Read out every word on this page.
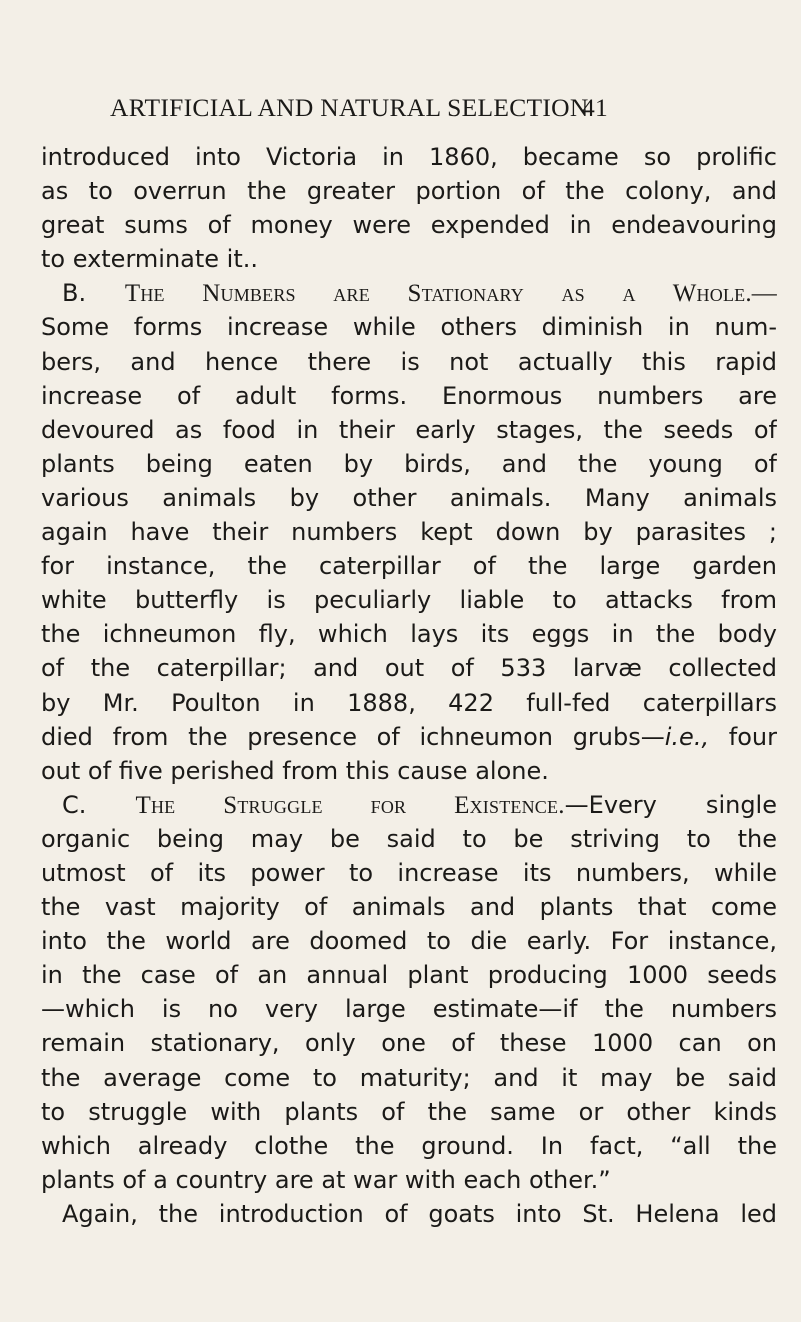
ARTIFICIAL AND NATURAL SELECTION
41
introduced into Victoria in 1860, became so prolific
as to overrun the greater portion of the colony, and
great sums of money were expended in endeavouring
to exterminate it..
B. The Numbers are Stationary as a Whole.—
Some forms increase while others diminish in num-
bers, and hence there is not actually this rapid
increase of adult forms. Enormous numbers are
devoured as food in their early stages, the seeds of
plants being eaten by birds, and the young of
various animals by other animals. Many animals
again have their numbers kept down by parasites ;
for instance, the caterpillar of the large garden
white butterfly is peculiarly liable to attacks from
the ichneumon fly, which lays its eggs in the body
of the caterpillar; and out of 533 larvæ collected
by Mr. Poulton in 1888, 422 full-fed caterpillars
died from the presence of ichneumon grubs—i.e., four
out of five perished from this cause alone.
C. The Struggle for Existence.—Every single
organic being may be said to be striving to the
utmost of its power to increase its numbers, while
the vast majority of animals and plants that come
into the world are doomed to die early. For instance,
in the case of an annual plant producing 1000 seeds
—which is no very large estimate—if the numbers
remain stationary, only one of these 1000 can on
the average come to maturity; and it may be said
to struggle with plants of the same or other kinds
which already clothe the ground. In fact, “all the
plants of a country are at war with each other.”
Again, the introduction of goats into St. Helena led
